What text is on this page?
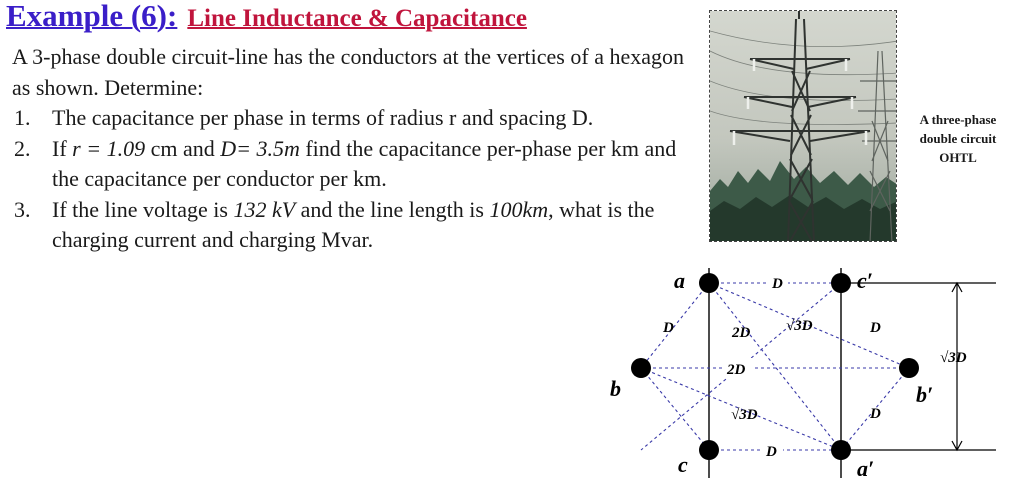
Example (6): Line Inductance & Capacitance

A 3-phase double circuit-line has the conductors at the vertices of a hexagon as shown. Determine:

1. The capacitance per phase in terms of radius r and spacing D.
2. If r = 1.09 cm and D= 3.5m find the capacitance per-phase per km and the capacitance per conductor per km.
3. If the line voltage is 132 kV and the line length is 100km, what is the charging current and charging Mvar.
A three-phase
double circuit
OHTL
a	c′
b	b′
c	a′
D
D	2D √3D	D
2D
√3D	D
D
√3D
